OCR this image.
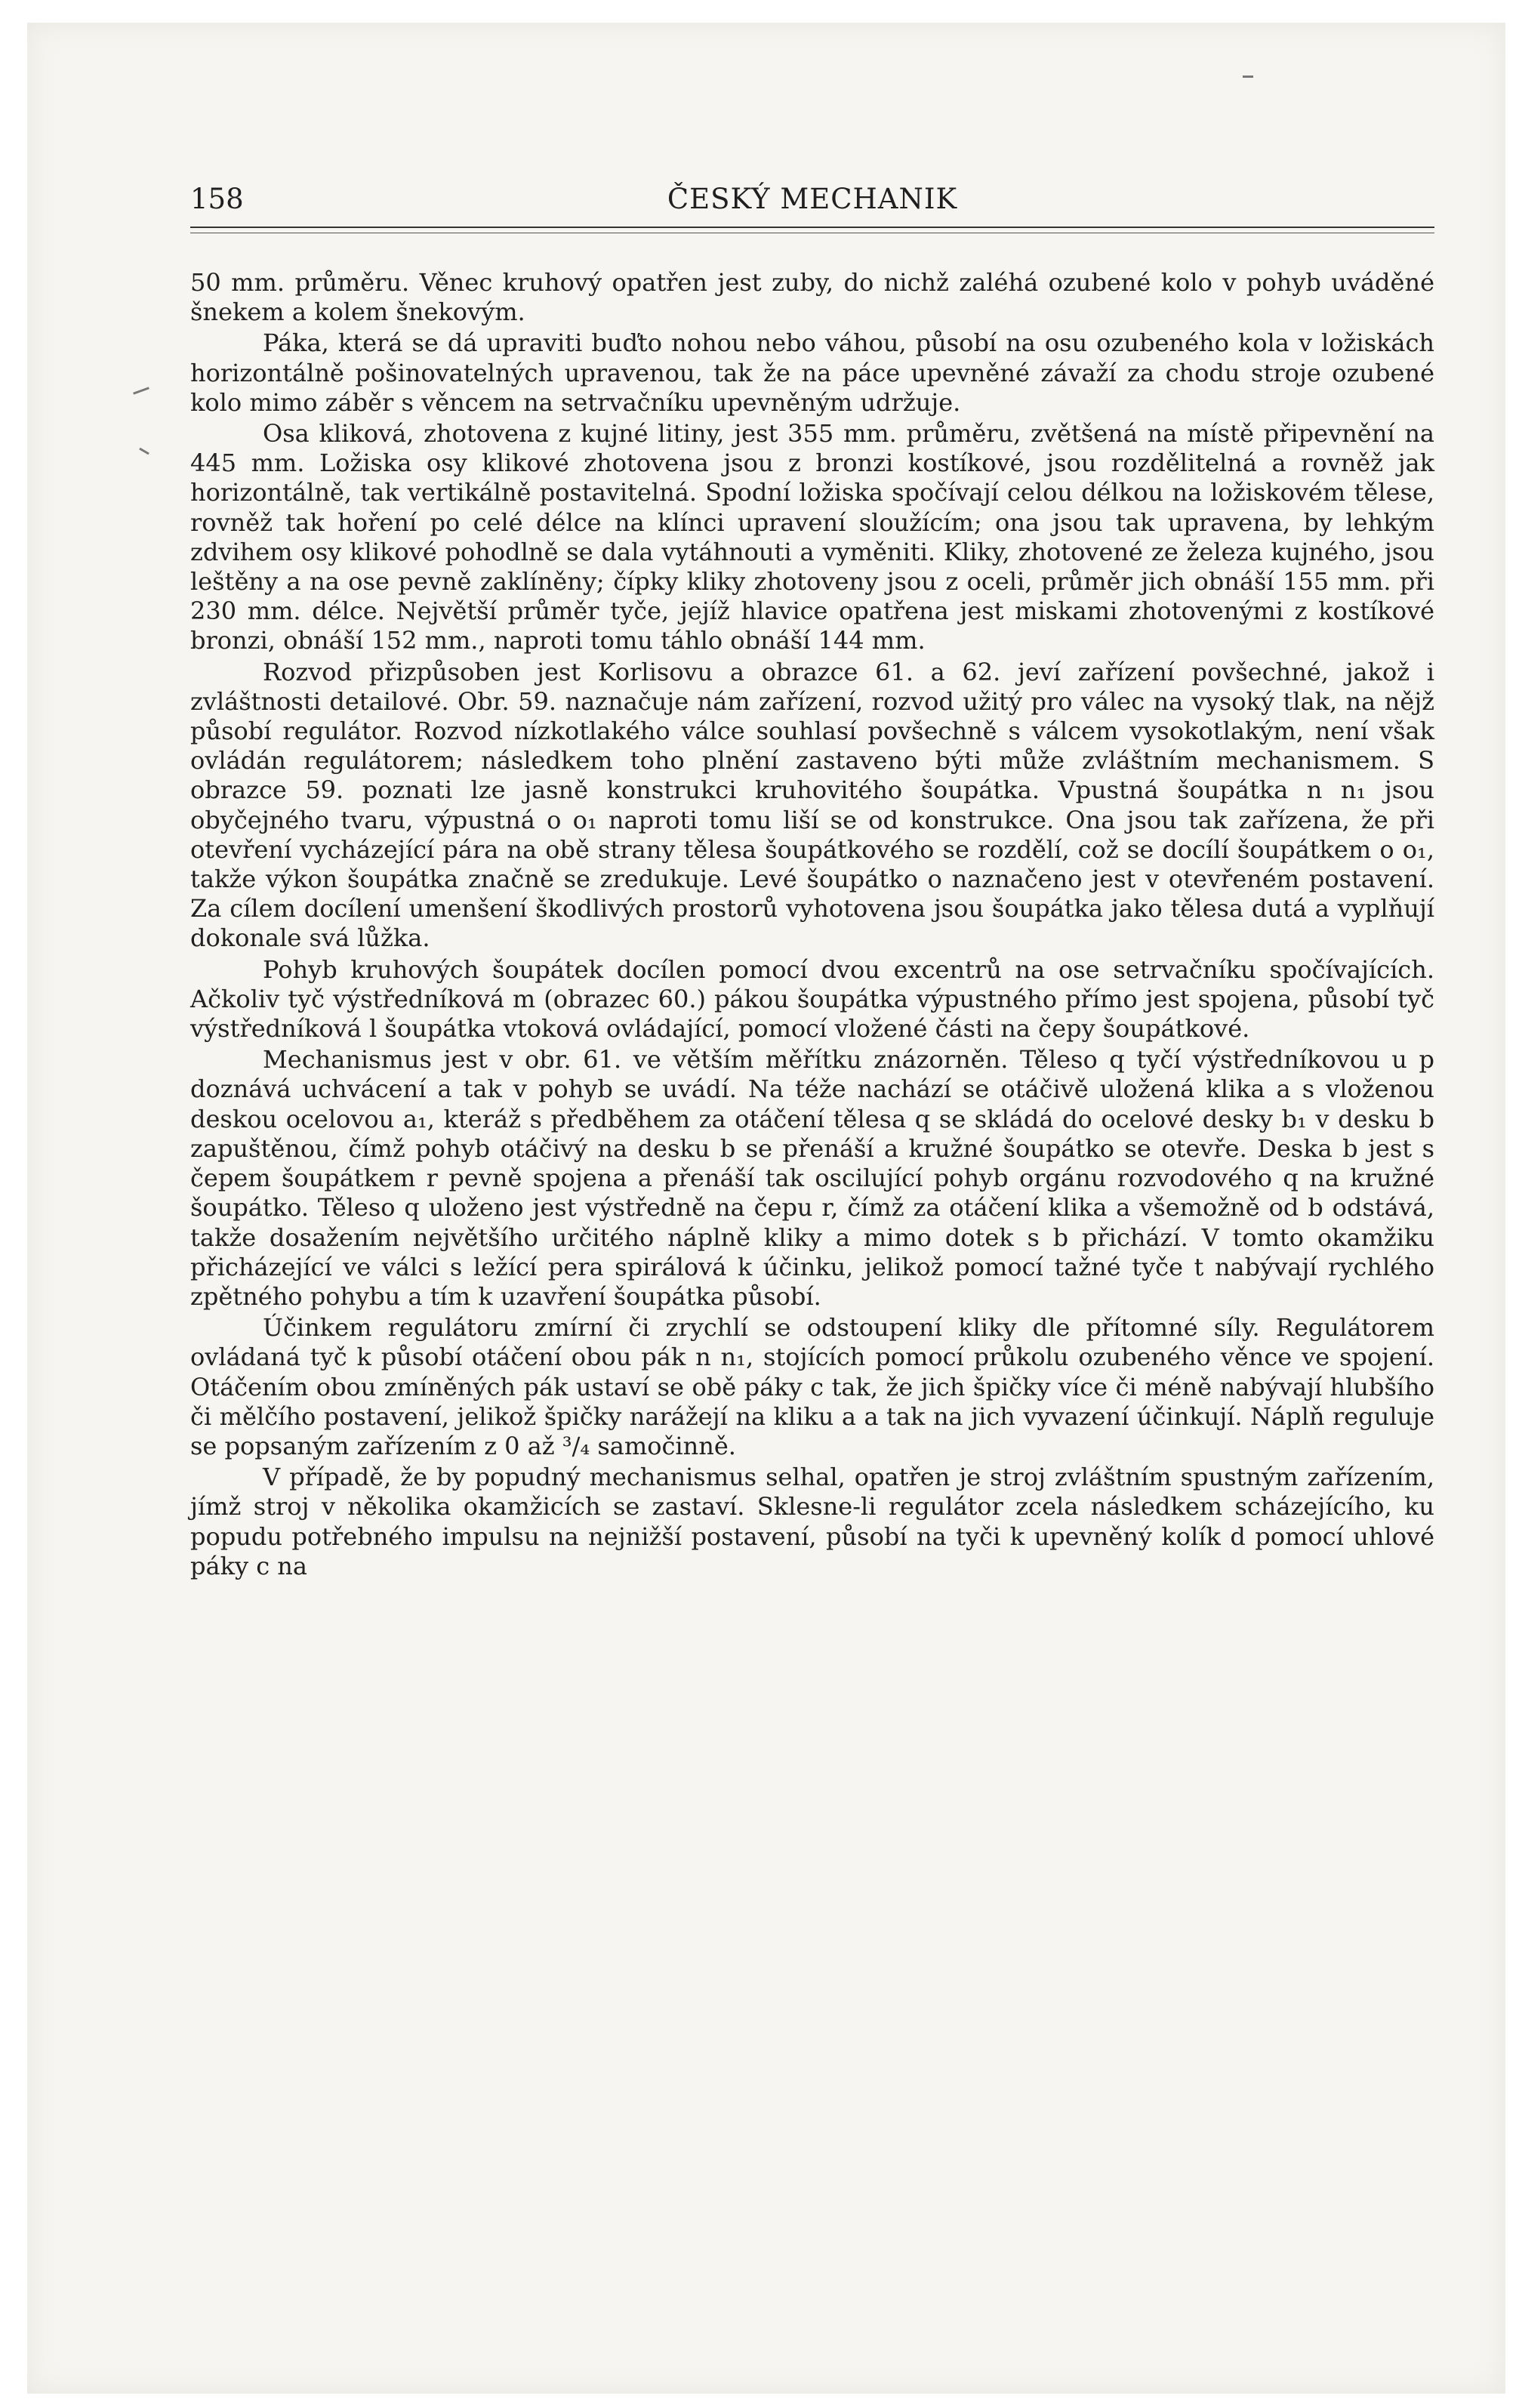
158	ČESKÝ MECHANIK

50 mm. průměru. Věnec kruhový opatřen jest zuby, do nichž zaléhá ozubené kolo v pohyb uváděné šnekem a kolem šnekovým.

Páka, která se dá upraviti buďto nohou nebo váhou, působí na osu ozubeného kola v ložiskách horizontálně pošinovatelných upravenou, tak že na páce upevněné závaží za chodu stroje ozubené kolo mimo záběr s věncem na setrvačníku upevněným udržuje.

Osa kliková, zhotovena z kujné litiny, jest 355 mm. průměru, zvětšená na místě připevnění na 445 mm. Ložiska osy klikové zhotovena jsou z bronzi kostíkové, jsou rozdělitelná a rovněž jak horizontálně, tak vertikálně postavitelná. Spodní ložiska spočívají celou délkou na ložiskovém tělese, rovněž tak hoření po celé délce na klínci upravení sloužícím; ona jsou tak upravena, by lehkým zdvihem osy klikové pohodlně se dala vytáhnouti a vyměniti. Kliky, zhotovené ze železa kujného, jsou leštěny a na ose pevně zaklíněny; čípky kliky zhotoveny jsou z oceli, průměr jich obnáší 155 mm. při 230 mm. délce. Největší průměr tyče, jejíž hlavice opatřena jest miskami zhotovenými z kostíkové bronzi, obnáší 152 mm., naproti tomu táhlo obnáší 144 mm.

Rozvod přizpůsoben jest Korlisovu a obrazce 61. a 62. jeví zařízení povšechné, jakož i zvláštnosti detailové. Obr. 59. naznačuje nám zařízení, rozvod užitý pro válec na vysoký tlak, na nějž působí regulátor. Rozvod nízkotlakého válce souhlasí povšechně s válcem vysokotlakým, není však ovládán regulátorem; následkem toho plnění zastaveno býti může zvláštním mechanismem. S obrazce 59. poznati lze jasně konstrukci kruhovitého šoupátka. Vpustná šoupátka n n₁ jsou obyčejného tvaru, výpustná o o₁ naproti tomu liší se od konstrukce. Ona jsou tak zařízena, že při otevření vycházející pára na obě strany tělesa šoupátkového se rozdělí, což se docílí šoupátkem o o₁, takže výkon šoupátka značně se zredukuje. Levé šoupátko o naznačeno jest v otevřeném postavení. Za cílem docílení umenšení škodlivých prostorů vyhotovena jsou šoupátka jako tělesa dutá a vyplňují dokonale svá lůžka.

Pohyb kruhových šoupátek docílen pomocí dvou excentrů na ose setrvačníku spočívajících. Ačkoliv tyč výstředníková m (obrazec 60.) pákou šoupátka výpustného přímo jest spojena, působí tyč výstředníková l šoupátka vtoková ovládající, pomocí vložené části na čepy šoupátkové.

Mechanismus jest v obr. 61. ve větším měřítku znázorněn. Těleso q tyčí výstředníkovou u p doznává uchvácení a tak v pohyb se uvádí. Na téže nachází se otáčivě uložená klika a s vloženou deskou ocelovou a₁, kteráž s předběhem za otáčení tělesa q se skládá do ocelové desky b₁ v desku b zapuštěnou, čímž pohyb otáčivý na desku b se přenáší a kružné šoupátko se otevře. Deska b jest s čepem šoupátkem r pevně spojena a přenáší tak oscilující pohyb orgánu rozvodového q na kružné šoupátko. Těleso q uloženo jest výstředně na čepu r, čímž za otáčení klika a všemožně od b odstává, takže dosažením největšího určitého náplně kliky a mimo dotek s b přichází. V tomto okamžiku přicházející ve válci s ležící pera spirálová k účinku, jelikož pomocí tažné tyče t nabývají rychlého zpětného pohybu a tím k uzavření šoupátka působí.

Účinkem regulátoru zmírní či zrychlí se odstoupení kliky dle přítomné síly. Regulátorem ovládaná tyč k působí otáčení obou pák n n₁, stojících pomocí průkolu ozubeného věnce ve spojení. Otáčením obou zmíněných pák ustaví se obě páky c tak, že jich špičky více či méně nabývají hlubšího či mělčího postavení, jelikož špičky narážejí na kliku a a tak na jich vyvazení účinkují. Náplň reguluje se popsaným zařízením z 0 až ³/₄ samočinně.

V případě, že by popudný mechanismus selhal, opatřen je stroj zvláštním spustným zařízením, jímž stroj v několika okamžicích se zastaví. Sklesne-li regulátor zcela následkem scházejícího, ku popudu potřebného impulsu na nejnižší postavení, působí na tyči k upevněný kolík d pomocí uhlové páky c na
